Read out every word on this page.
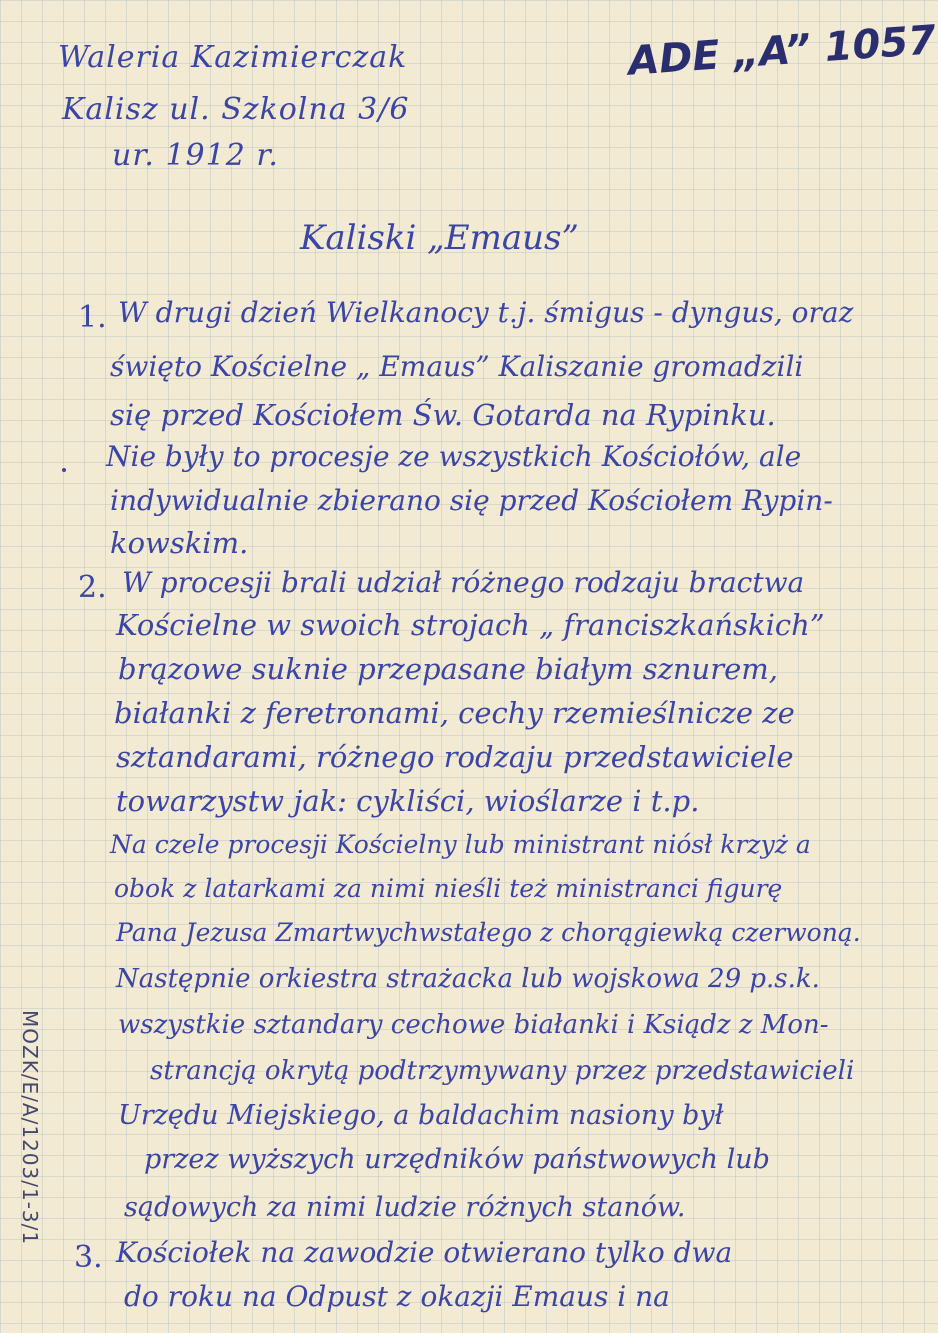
ADE „A” 1057
Waleria Kazimierczak
Kalisz ul. Szkolna 3/6
ur. 1912 r.
Kaliski „Emaus”
1. W drugi dzień Wielkanocy t.j. śmigus - dyngus, oraz
święto Kościelne „ Emaus” Kaliszanie gromadzili
się przed Kościołem Św. Gotarda na Rypinku.
Nie były to procesje ze wszystkich Kościołów, ale
indywidualnie zbierano się przed Kościołem Rypin-
kowskim.
2. W procesji brali udział różnego rodzaju bractwa
Kościelne w swoich strojach „ franciszkańskich”
brązowe suknie przepasane białym sznurem,
białanki z feretronami, cechy rzemieślnicze ze
sztandarami, różnego rodzaju przedstawiciele
towarzystw jak: cykliści, wioślarze i t.p.
Na czele procesji Kościelny lub ministrant niósł krzyż a
obok z latarkami za nimi nieśli też ministranci figurę
Pana Jezusa Zmartwychwstałego z chorągiewką czerwoną.
Następnie orkiestra strażacka lub wojskowa 29 p.s.k.
wszystkie sztandary cechowe białanki i Ksiądz z Mon-
strancją okrytą podtrzymywany przez przedstawicieli
Urzędu Miejskiego, a baldachim nasiony był
przez wyższych urzędników państwowych lub
sądowych za nimi ludzie różnych stanów.
3. Kościołek na zawodzie otwierano tylko dwa
do roku na Odpust z okazji Emaus i na
MOZK/E/A/1203/1-3/1
